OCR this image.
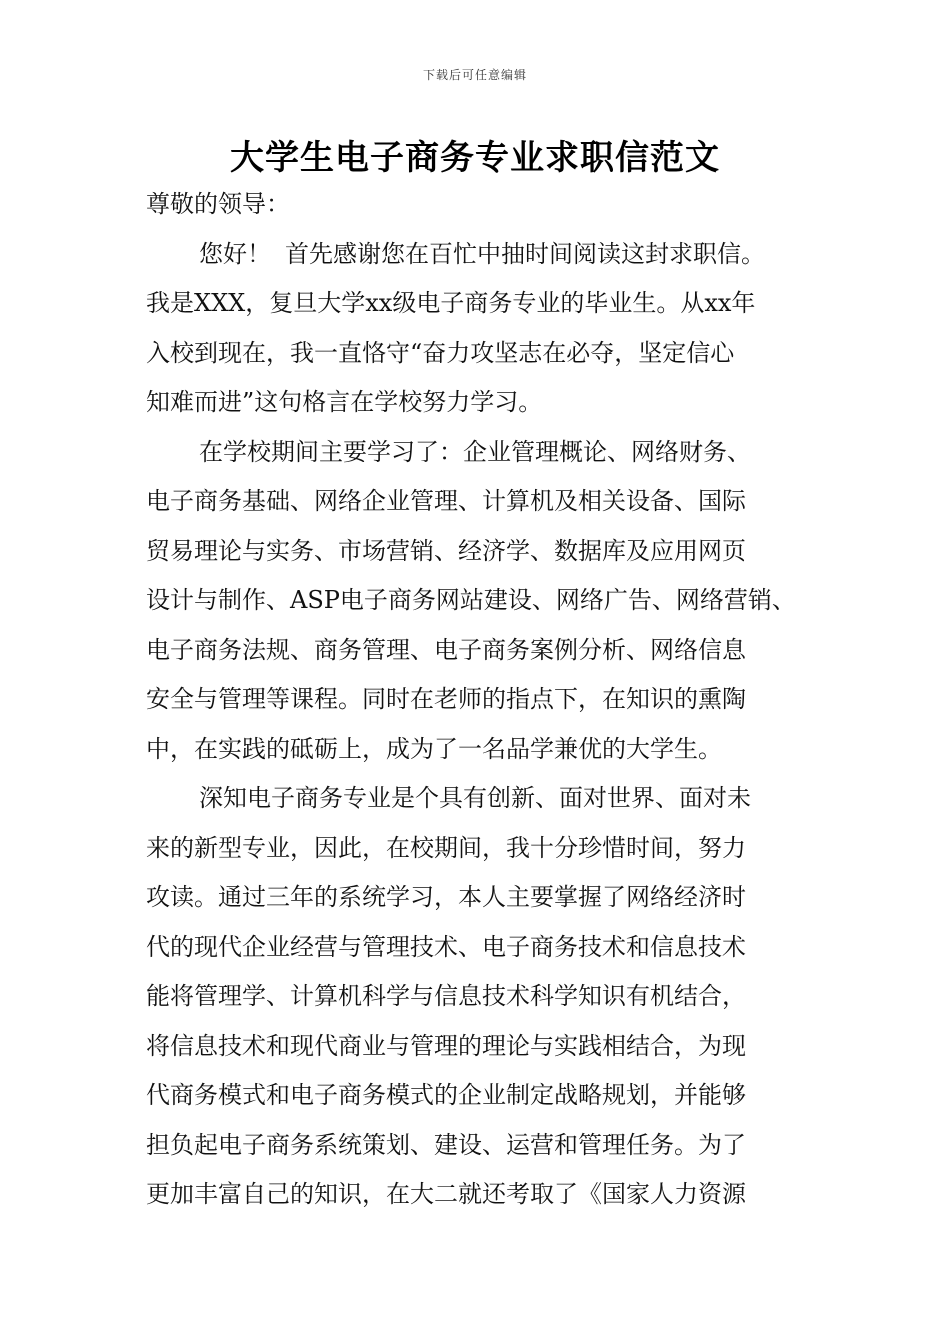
下载后可任意编辑
大学生电子商务专业求职信范文
尊敬的领导：
您好！ 首先感谢您在百忙中抽时间阅读这封求职信。
我是XXX，复旦大学xx级电子商务专业的毕业生。从xx年
入校到现在，我一直恪守“奋力攻坚志在必夺，坚定信心
知难而进”这句格言在学校努力学习。
在学校期间主要学习了：企业管理概论、网络财务、
电子商务基础、网络企业管理、计算机及相关设备、国际
贸易理论与实务、市场营销、经济学、数据库及应用网页
设计与制作、ASP电子商务网站建设、网络广告、网络营销、
电子商务法规、商务管理、电子商务案例分析、网络信息
安全与管理等课程。同时在老师的指点下，在知识的熏陶
中，在实践的砥砺上，成为了一名品学兼优的大学生。
深知电子商务专业是个具有创新、面对世界、面对未
来的新型专业，因此，在校期间，我十分珍惜时间，努力
攻读。通过三年的系统学习，本人主要掌握了网络经济时
代的现代企业经营与管理技术、电子商务技术和信息技术
能将管理学、计算机科学与信息技术科学知识有机结合，
将信息技术和现代商业与管理的理论与实践相结合，为现
代商务模式和电子商务模式的企业制定战略规划，并能够
担负起电子商务系统策划、建设、运营和管理任务。为了
更加丰富自己的知识，在大二就还考取了《国家人力资源
